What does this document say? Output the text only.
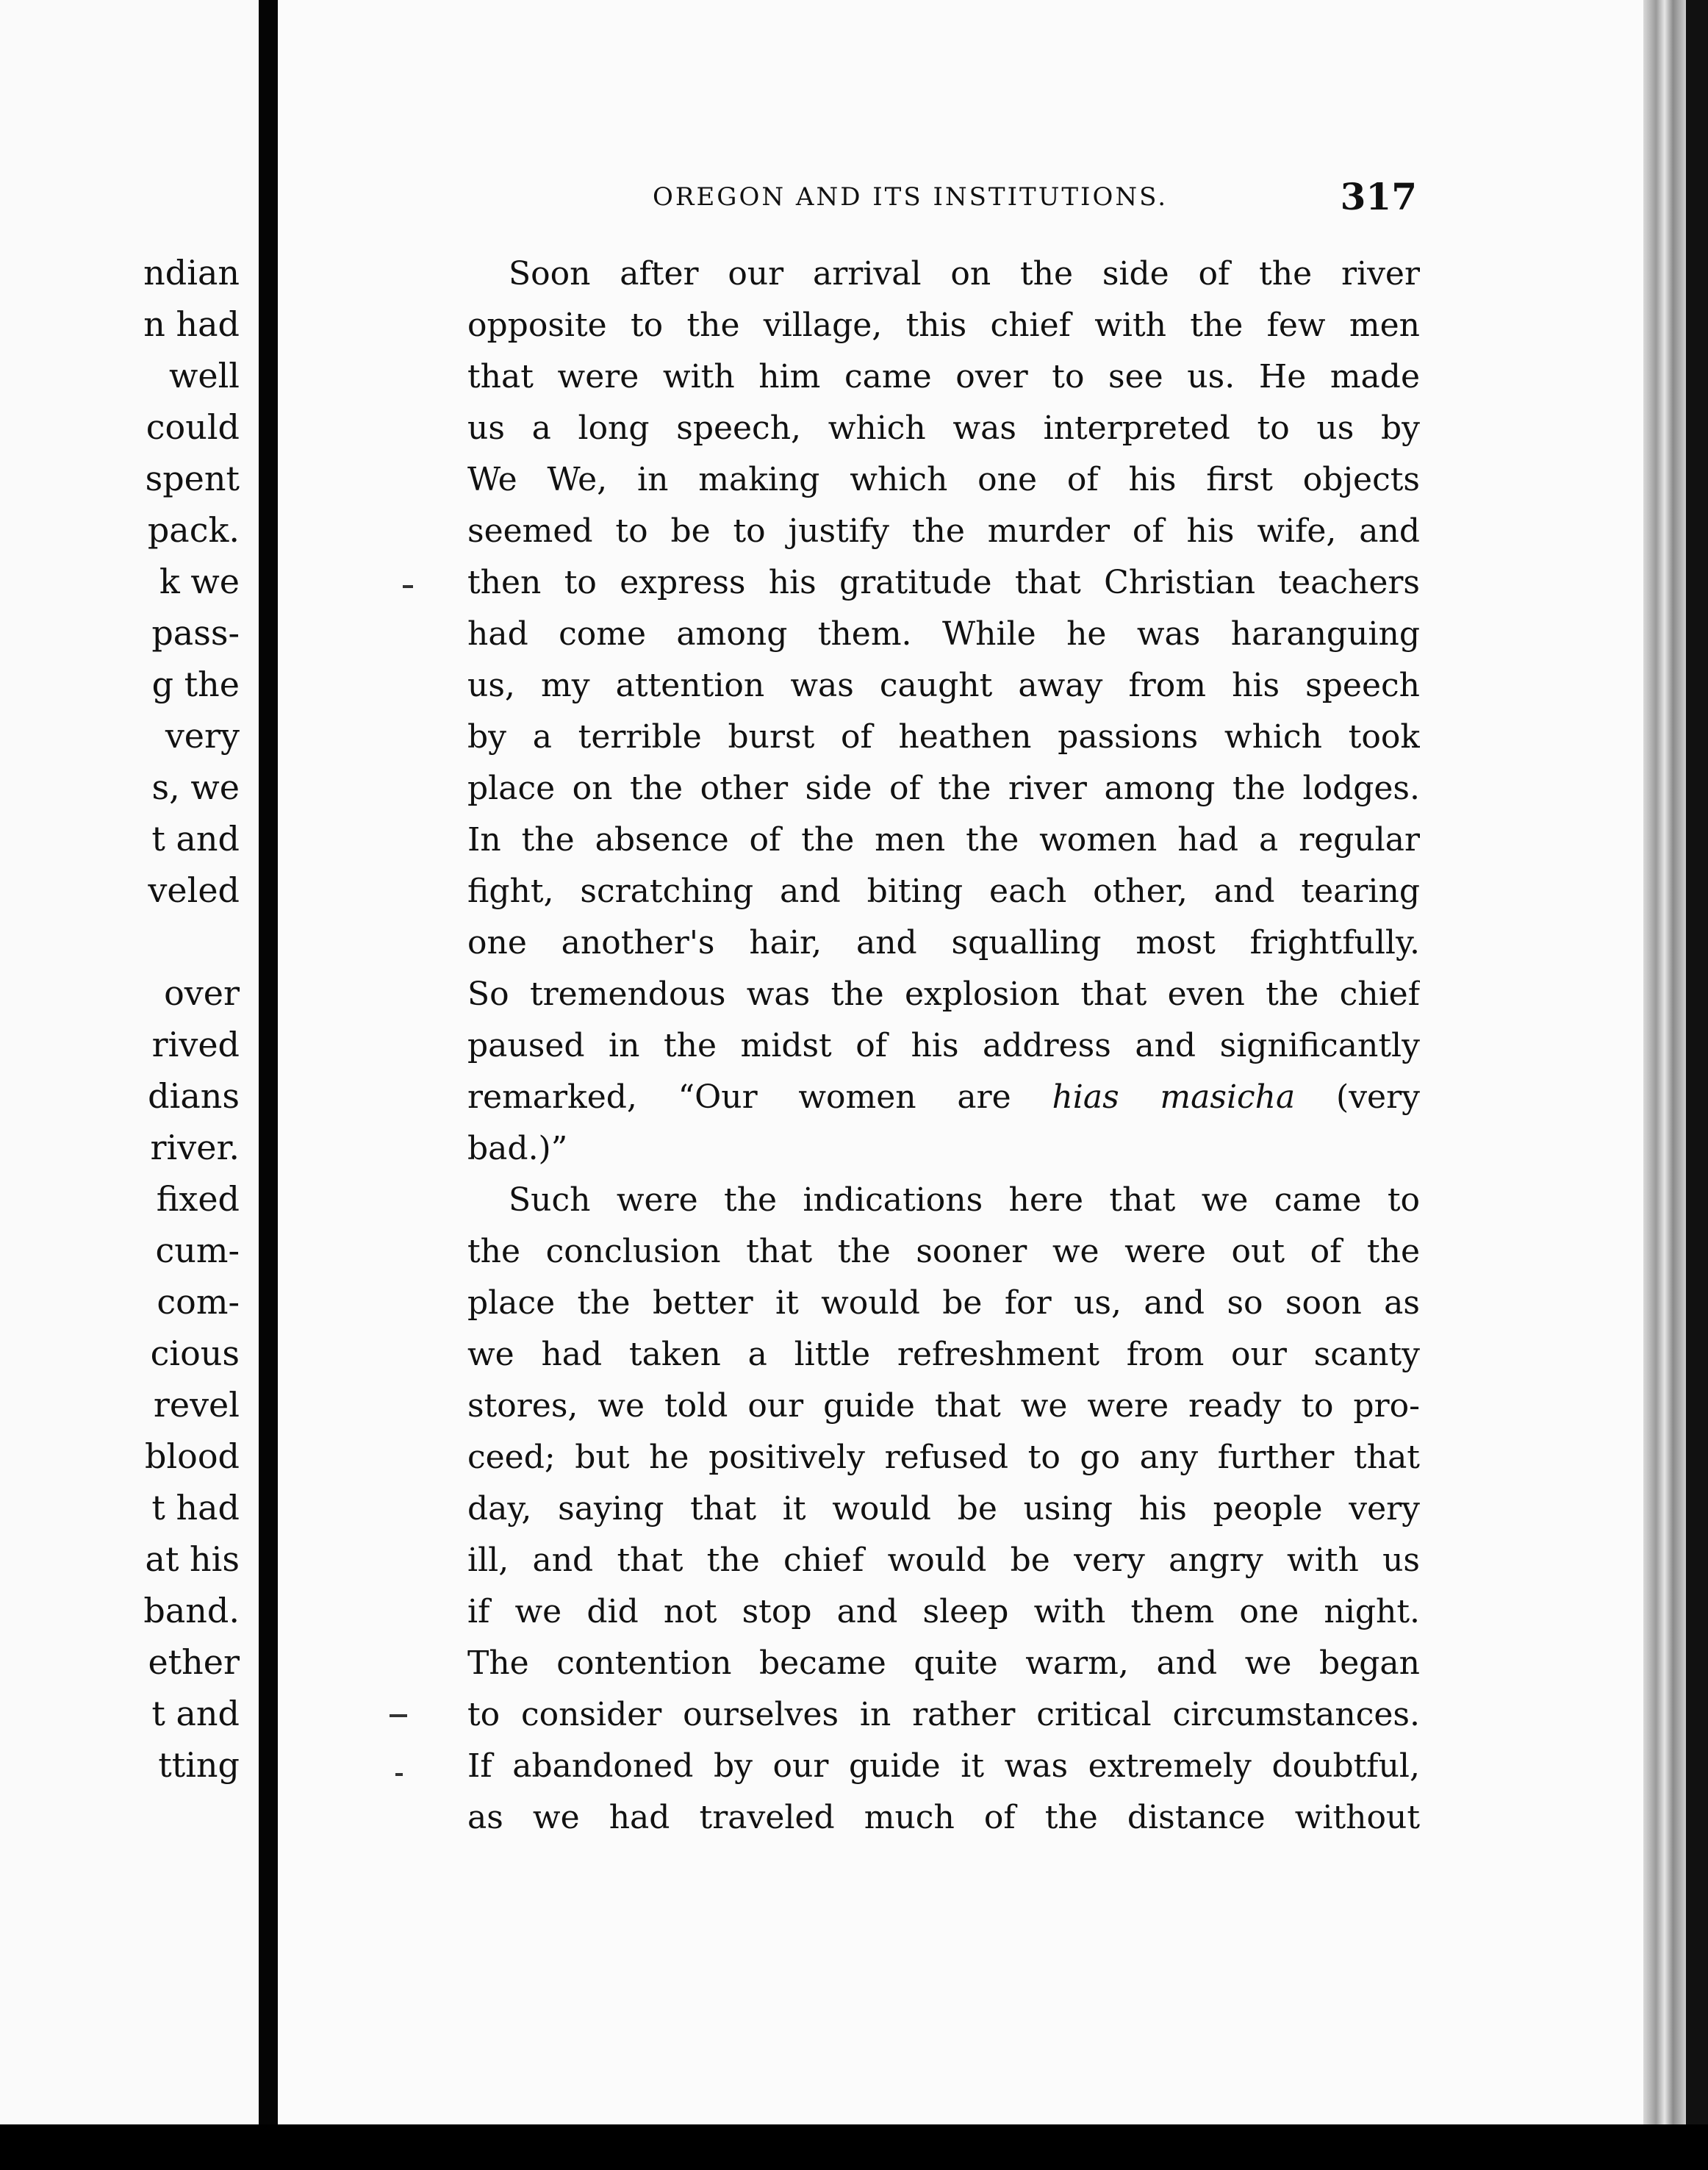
ndian
n had
well
could
spent
pack.
k we
pass-
g the
very
s, we
t and
veled
over
rived
dians
river.
fixed
cum-
com-
cious
revel
blood
t had
at his
band.
ether
t and
tting
OREGON AND ITS INSTITUTIONS.	317
Soon after our arrival on the side of the river
opposite to the village, this chief with the few men
that were with him came over to see us. He made
us a long speech, which was interpreted to us by
We We, in making which one of his first objects
seemed to be to justify the murder of his wife, and
then to express his gratitude that Christian teachers
had come among them. While he was haranguing
us, my attention was caught away from his speech
by a terrible burst of heathen passions which took
place on the other side of the river among the lodges.
In the absence of the men the women had a regular
fight, scratching and biting each other, and tearing
one another's hair, and squalling most frightfully.
So tremendous was the explosion that even the chief
paused in the midst of his address and significantly
remarked, “Our women are hias masicha (very
bad.)”
Such were the indications here that we came to
the conclusion that the sooner we were out of the
place the better it would be for us, and so soon as
we had taken a little refreshment from our scanty
stores, we told our guide that we were ready to pro-
ceed; but he positively refused to go any further that
day, saying that it would be using his people very
ill, and that the chief would be very angry with us
if we did not stop and sleep with them one night.
The contention became quite warm, and we began
to consider ourselves in rather critical circumstances.
If abandoned by our guide it was extremely doubtful,
as we had traveled much of the distance without
